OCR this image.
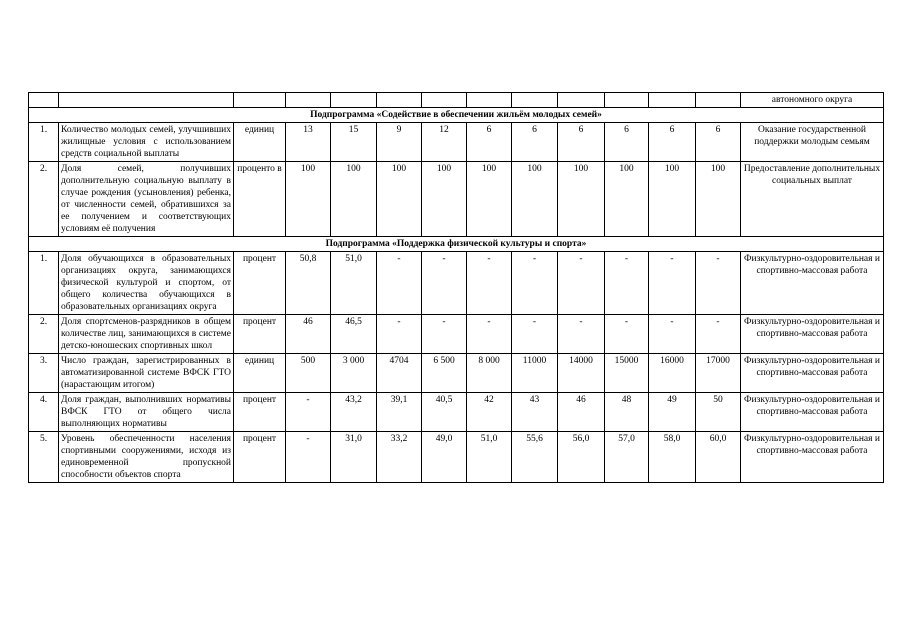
													автономного округа
Подпрограмма «Содействие в обеспечении жильём молодых семей»													
1.	Количество молодых семей, улучшивших жилищные условия с использованием средств социальной выплаты	единиц	13	15	9	12	6	6	6	6	6	6	Оказание государственной поддержки молодым семьям
2.	Доля семей, получивших дополнительную социальную выплату в случае рождения (усыновления) ребенка, от численности семей, обратившихся за ее получением и соответствующих условиям её получения	проценто в	100	100	100	100	100	100	100	100	100	100	Предоставление дополнительных социальных выплат
Подпрограмма «Поддержка физической культуры и спорта»													
1.	Доля обучающихся в образовательных организациях округа, занимающихся физической культурой и спортом, от общего количества обучающихся в образовательных организациях округа	процент	50,8	51,0	-	-	-	-	-	-	-	-	Физкультурно-оздоровительная и спортивно-массовая работа
2.	Доля спортсменов-разрядников в общем количестве лиц, занимающихся в системе детско-юношеских спортивных школ	процент	46	46,5	-	-	-	-	-	-	-	-	Физкультурно-оздоровительная и спортивно-массовая работа
3.	Число граждан, зарегистрированных в автоматизированной системе ВФСК ГТО (нарастающим итогом)	единиц	500	3 000	4704	6 500	8 000	11000	14000	15000	16000	17000	Физкультурно-оздоровительная и спортивно-массовая работа
4.	Доля граждан, выполнивших нормативы ВФСК ГТО от общего числа выполняющих нормативы	процент	-	43,2	39,1	40,5	42	43	46	48	49	50	Физкультурно-оздоровительная и спортивно-массовая работа
5.	Уровень обеспеченности населения спортивными сооружениями, исходя из единовременной пропускной способности объектов спорта	процент	-	31,0	33,2	49,0	51,0	55,6	56,0	57,0	58,0	60,0	Физкультурно-оздоровительная и спортивно-массовая работа
